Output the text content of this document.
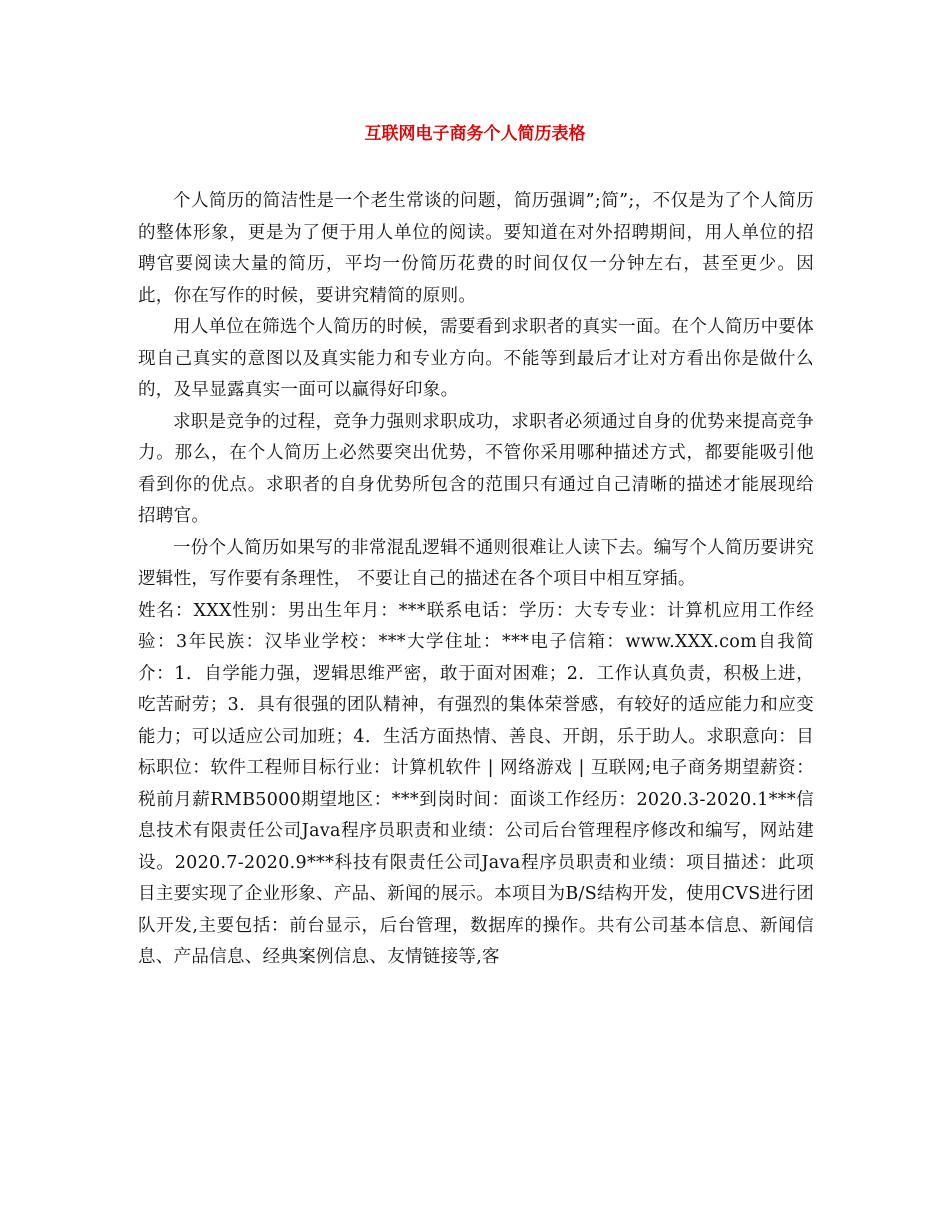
互联网电子商务个人简历表格

个人简历的简洁性是一个老生常谈的问题，简历强调”;简”;，不仅是为了个人简历的整体形象，更是为了便于用人单位的阅读。要知道在对外招聘期间，用人单位的招聘官要阅读大量的简历，平均一份简历花费的时间仅仅一分钟左右，甚至更少。因此，你在写作的时候，要讲究精简的原则。

用人单位在筛选个人简历的时候，需要看到求职者的真实一面。在个人简历中要体现自己真实的意图以及真实能力和专业方向。不能等到最后才让对方看出你是做什么的，及早显露真实一面可以赢得好印象。

求职是竞争的过程，竞争力强则求职成功，求职者必须通过自身的优势来提高竞争力。那么，在个人简历上必然要突出优势，不管你采用哪种描述方式，都要能吸引他看到你的优点。求职者的自身优势所包含的范围只有通过自己清晰的描述才能展现给招聘官。

一份个人简历如果写的非常混乱逻辑不通则很难让人读下去。编写个人简历要讲究逻辑性，写作要有条理性， 不要让自己的描述在各个项目中相互穿插。

姓名：XXX性别：男出生年月：***联系电话：学历：大专专业：计算机应用工作经验：3年民族：汉毕业学校：***大学住址：***电子信箱：www.XXX.com自我简介：1．自学能力强，逻辑思维严密，敢于面对困难；2．工作认真负责，积极上进，吃苦耐劳；3．具有很强的团队精神，有强烈的集体荣誉感，有较好的适应能力和应变能力；可以适应公司加班；4．生活方面热情、善良、开朗，乐于助人。求职意向：目标职位：软件工程师目标行业：计算机软件 | 网络游戏 | 互联网;电子商务期望薪资：税前月薪RMB5000期望地区：***到岗时间：面谈工作经历：2020.3-2020.1***信息技术有限责任公司Java程序员职责和业绩：公司后台管理程序修改和编写，网站建设。2020.7-2020.9***科技有限责任公司Java程序员职责和业绩：项目描述：此项目主要实现了企业形象、产品、新闻的展示。本项目为B/S结构开发，使用CVS进行团队开发,主要包括：前台显示，后台管理，数据库的操作。共有公司基本信息、新闻信息、产品信息、经典案例信息、友情链接等,客
